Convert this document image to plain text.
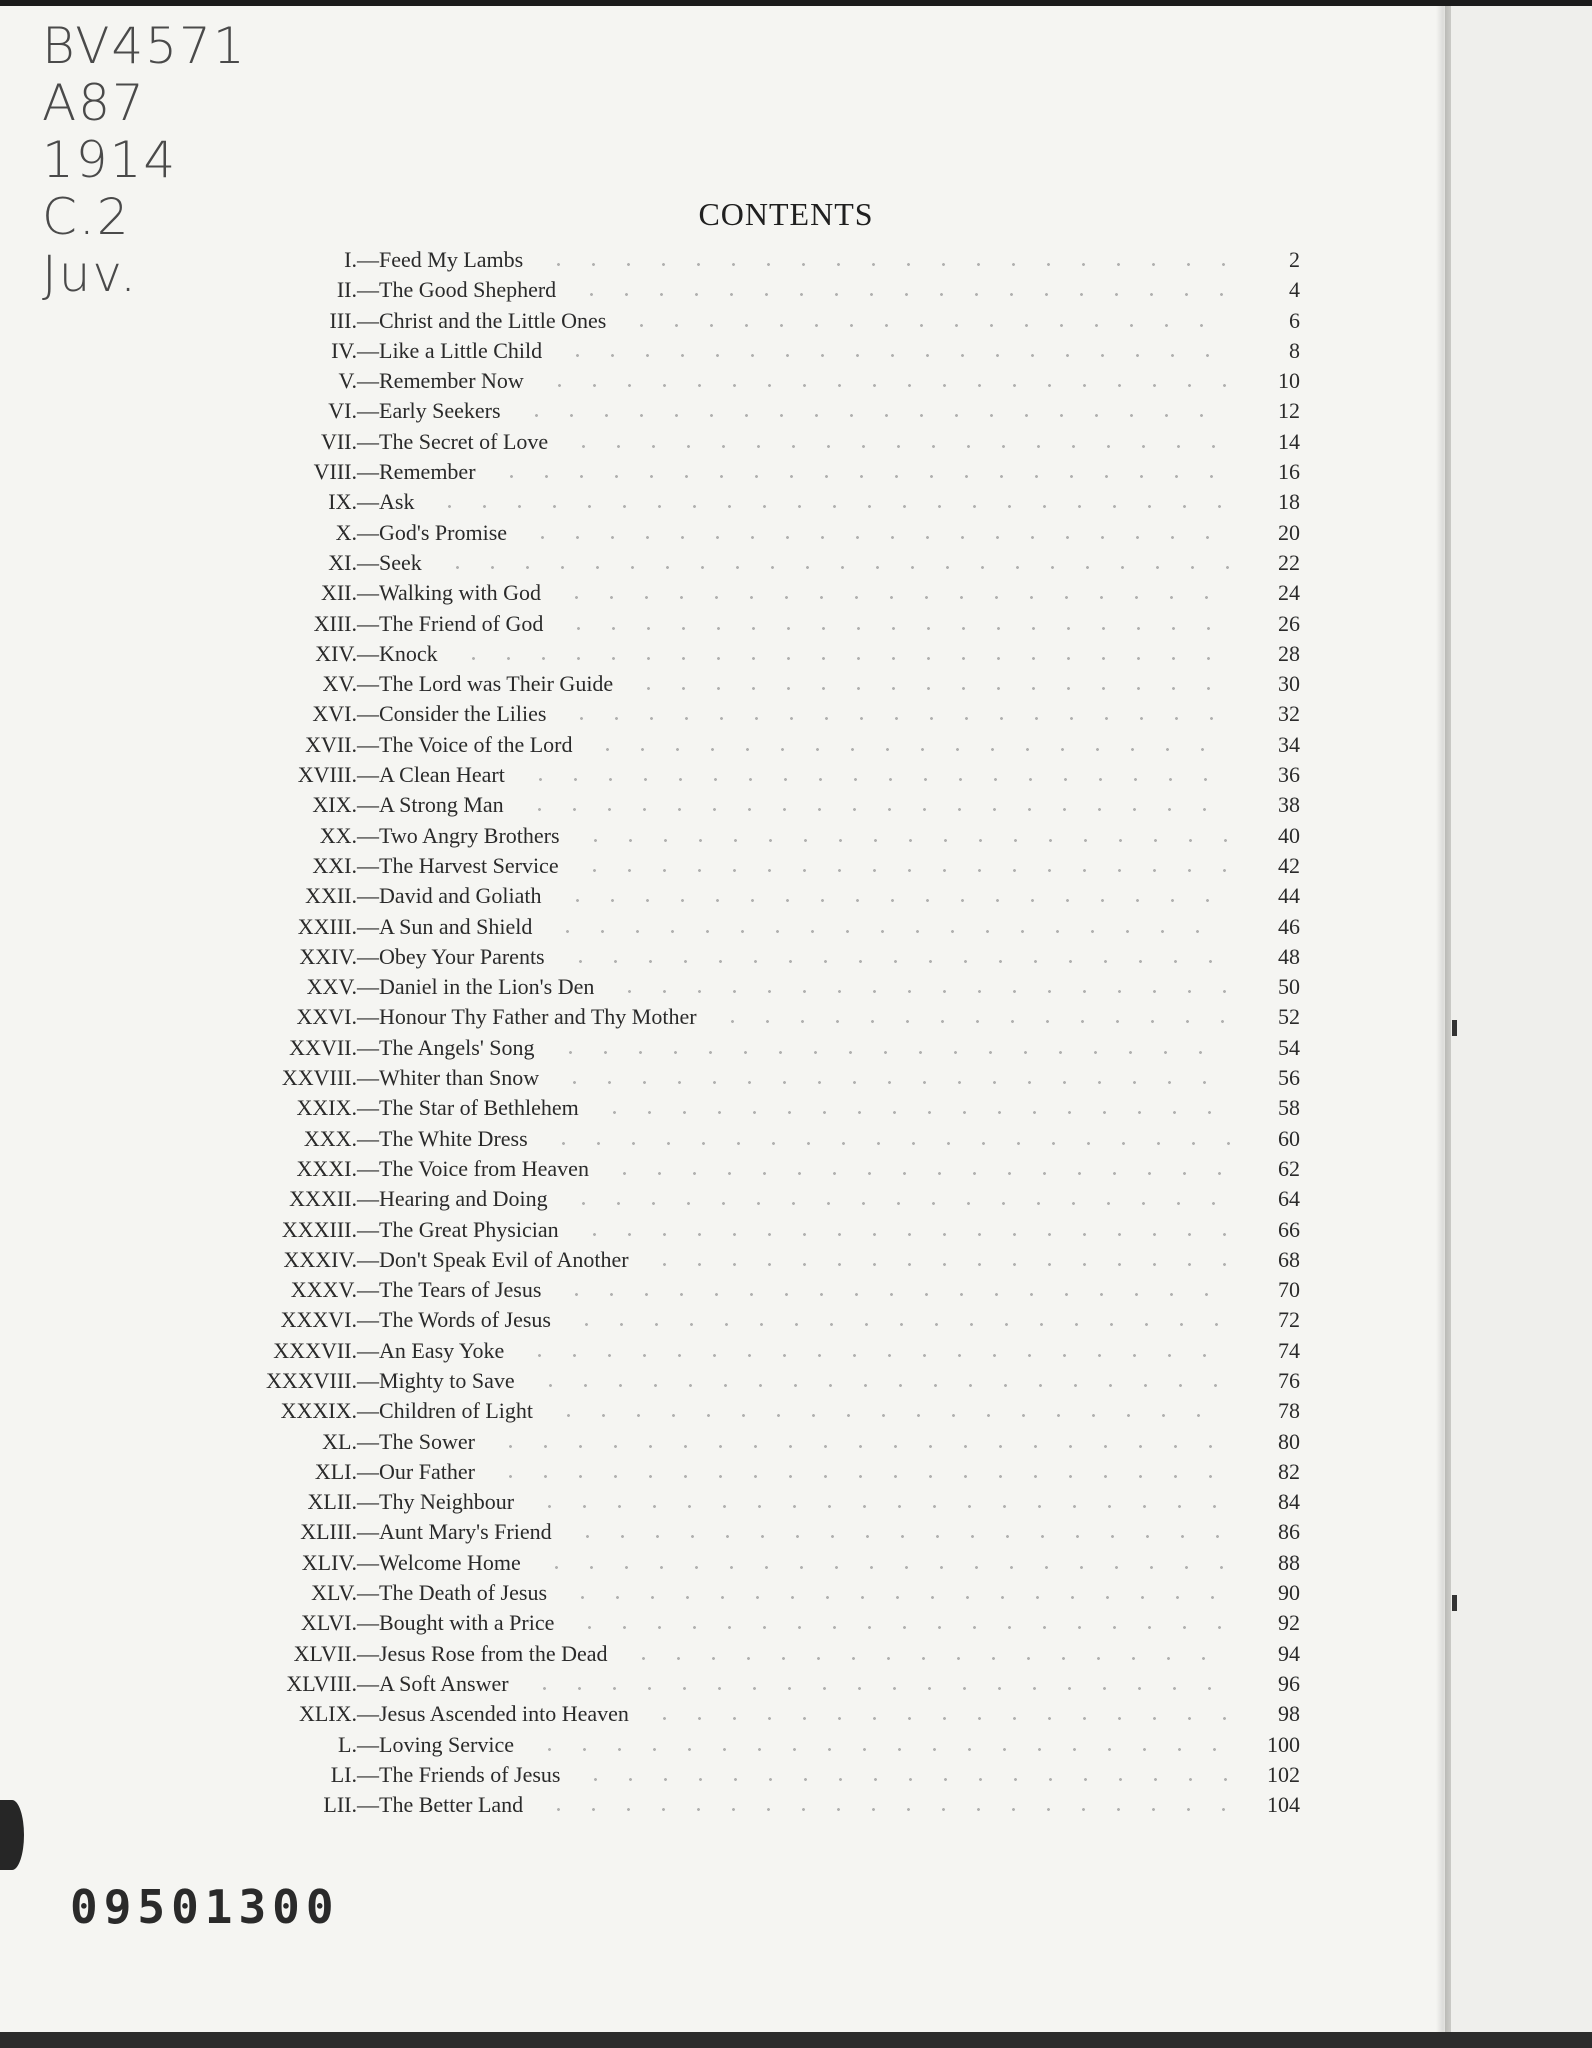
BV4571
A87
1914
C.2
Juv.
CONTENTS
I.— Feed My Lambs	2
II.— The Good Shepherd	4
III.— Christ and the Little Ones	6
IV.— Like a Little Child	8
V.— Remember Now	10
VI.— Early Seekers	12
VII.— The Secret of Love	14
VIII.— Remember	16
IX.— Ask	18
X.— God's Promise	20
XI.— Seek	22
XII.— Walking with God	24
XIII.— The Friend of God	26
XIV.— Knock	28
XV.— The Lord was Their Guide	30
XVI.— Consider the Lilies	32
XVII.— The Voice of the Lord	34
XVIII.— A Clean Heart	36
XIX.— A Strong Man	38
XX.— Two Angry Brothers	40
XXI.— The Harvest Service	42
XXII.— David and Goliath	44
XXIII.— A Sun and Shield	46
XXIV.— Obey Your Parents	48
XXV.— Daniel in the Lion's Den	50
XXVI.— Honour Thy Father and Thy Mother	52
XXVII.— The Angels' Song	54
XXVIII.— Whiter than Snow	56
XXIX.— The Star of Bethlehem	58
XXX.— The White Dress	60
XXXI.— The Voice from Heaven	62
XXXII.— Hearing and Doing	64
XXXIII.— The Great Physician	66
XXXIV.— Don't Speak Evil of Another	68
XXXV.— The Tears of Jesus	70
XXXVI.— The Words of Jesus	72
XXXVII.— An Easy Yoke	74
XXXVIII.— Mighty to Save	76
XXXIX.— Children of Light	78
XL.— The Sower	80
XLI.— Our Father	82
XLII.— Thy Neighbour	84
XLIII.— Aunt Mary's Friend	86
XLIV.— Welcome Home	88
XLV.— The Death of Jesus	90
XLVI.— Bought with a Price	92
XLVII.— Jesus Rose from the Dead	94
XLVIII.— A Soft Answer	96
XLIX.— Jesus Ascended into Heaven	98
L.— Loving Service	100
LI.— The Friends of Jesus	102
LII.— The Better Land	104
09501300
